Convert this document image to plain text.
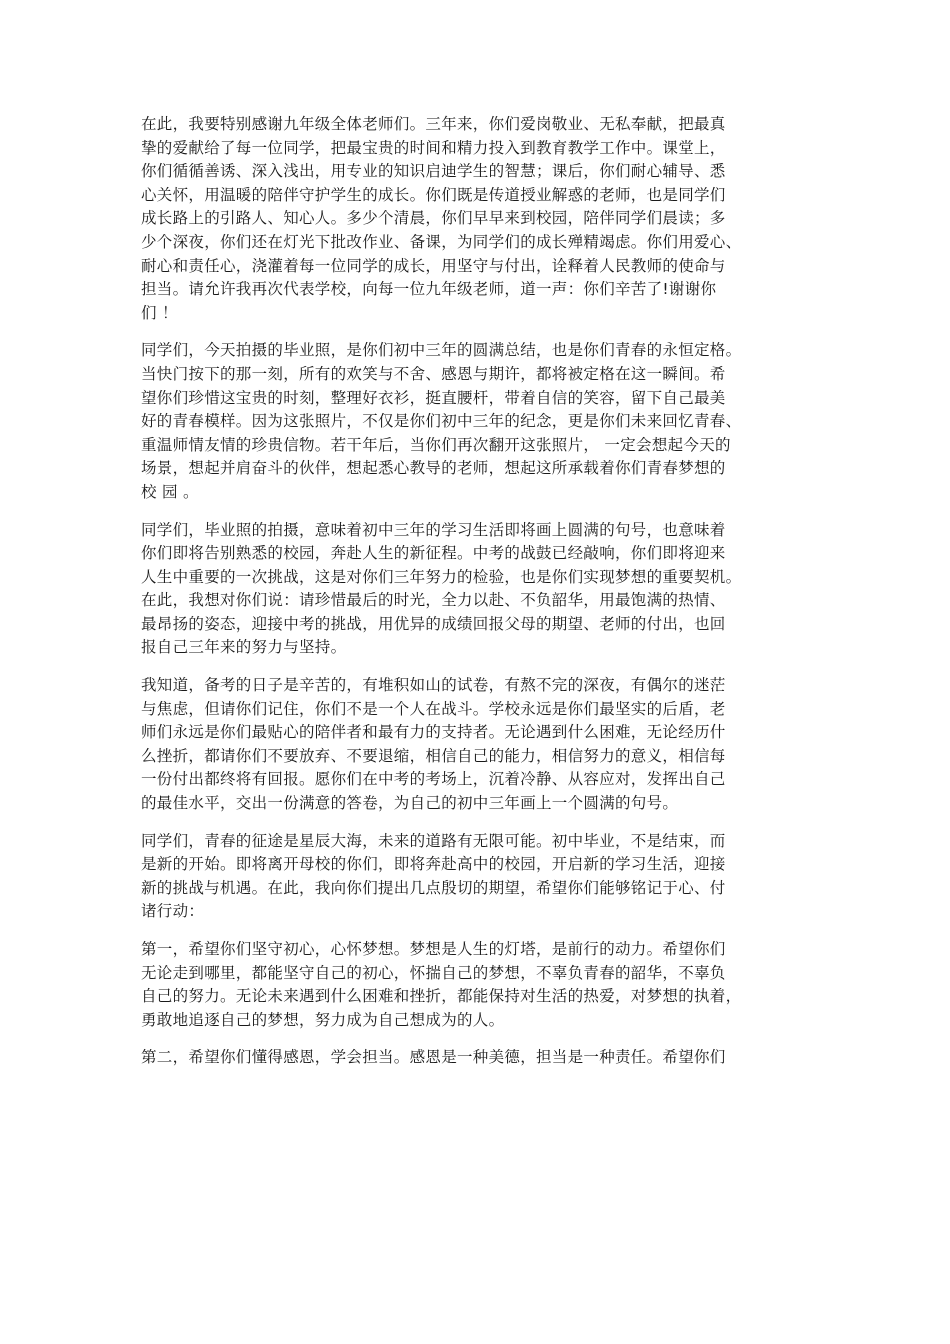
在此，我要特别感谢九年级全体老师们。三年来，你们爱岗敬业、无私奉献，把最真
挚的爱献给了每一位同学，把最宝贵的时间和精力投入到教育教学工作中。课堂上，
你们循循善诱、深入浅出，用专业的知识启迪学生的智慧；课后，你们耐心辅导、悉
心关怀，用温暖的陪伴守护学生的成长。你们既是传道授业解惑的老师，也是同学们
成长路上的引路人、知心人。多少个清晨，你们早早来到校园，陪伴同学们晨读；多
少个深夜，你们还在灯光下批改作业、备课，为同学们的成长殚精竭虑。你们用爱心、
耐心和责任心，浇灌着每一位同学的成长，用坚守与付出，诠释着人民教师的使命与
担当。请允许我再次代表学校，向每一位九年级老师，道一声：你们辛苦了!谢谢你
们 ！
同学们，今天拍摄的毕业照，是你们初中三年的圆满总结，也是你们青春的永恒定格。
当快门按下的那一刻，所有的欢笑与不舍、感恩与期许，都将被定格在这一瞬间。希
望你们珍惜这宝贵的时刻，整理好衣衫，挺直腰杆，带着自信的笑容，留下自己最美
好的青春模样。因为这张照片，不仅是你们初中三年的纪念，更是你们未来回忆青春、
重温师情友情的珍贵信物。若干年后，当你们再次翻开这张照片， 一定会想起今天的
场景，想起并肩奋斗的伙伴，想起悉心教导的老师，想起这所承载着你们青春梦想的
校 园 。
同学们，毕业照的拍摄，意味着初中三年的学习生活即将画上圆满的句号，也意味着
你们即将告别熟悉的校园，奔赴人生的新征程。中考的战鼓已经敲响，你们即将迎来
人生中重要的一次挑战，这是对你们三年努力的检验，也是你们实现梦想的重要契机。
在此，我想对你们说：请珍惜最后的时光，全力以赴、不负韶华，用最饱满的热情、
最昂扬的姿态，迎接中考的挑战，用优异的成绩回报父母的期望、老师的付出，也回
报自己三年来的努力与坚持。
我知道，备考的日子是辛苦的，有堆积如山的试卷，有熬不完的深夜，有偶尔的迷茫
与焦虑，但请你们记住，你们不是一个人在战斗。学校永远是你们最坚实的后盾，老
师们永远是你们最贴心的陪伴者和最有力的支持者。无论遇到什么困难，无论经历什
么挫折，都请你们不要放弃、不要退缩，相信自己的能力，相信努力的意义，相信每
一份付出都终将有回报。愿你们在中考的考场上，沉着冷静、从容应对，发挥出自己
的最佳水平，交出一份满意的答卷，为自己的初中三年画上一个圆满的句号。
同学们，青春的征途是星辰大海，未来的道路有无限可能。初中毕业，不是结束，而
是新的开始。即将离开母校的你们，即将奔赴高中的校园，开启新的学习生活，迎接
新的挑战与机遇。在此，我向你们提出几点殷切的期望，希望你们能够铭记于心、付
诸行动：
第一，希望你们坚守初心，心怀梦想。梦想是人生的灯塔，是前行的动力。希望你们
无论走到哪里，都能坚守自己的初心，怀揣自己的梦想，不辜负青春的韶华，不辜负
自己的努力。无论未来遇到什么困难和挫折，都能保持对生活的热爱，对梦想的执着，
勇敢地追逐自己的梦想，努力成为自己想成为的人。
第二，希望你们懂得感恩，学会担当。感恩是一种美德，担当是一种责任。希望你们
